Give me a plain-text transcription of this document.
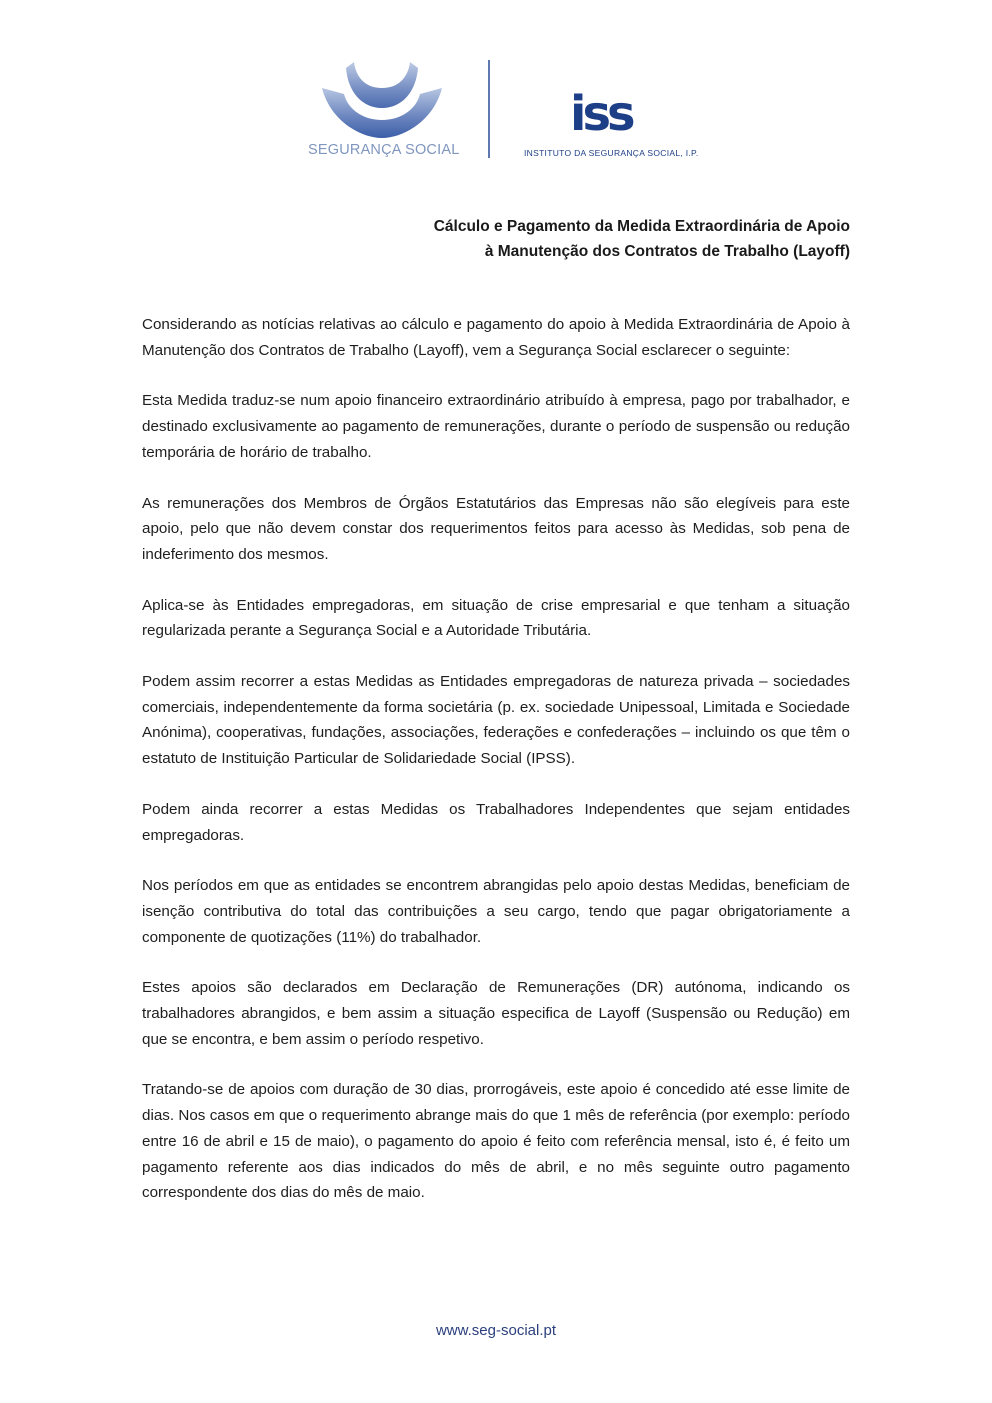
SEGURANÇA SOCIAL
iss
INSTITUTO DA SEGURANÇA SOCIAL, I.P.
Cálculo e Pagamento da Medida Extraordinária de Apoio
à Manutenção dos Contratos de Trabalho (Layoff)

Considerando as notícias relativas ao cálculo e pagamento do apoio à Medida Extraordinária de Apoio à Manutenção dos Contratos de Trabalho (Layoff), vem a Segurança Social esclarecer o seguinte:

Esta Medida traduz-se num apoio financeiro extraordinário atribuído à empresa, pago por trabalhador, e destinado exclusivamente ao pagamento de remunerações, durante o período de suspensão ou redução temporária de horário de trabalho.

As remunerações dos Membros de Órgãos Estatutários das Empresas não são elegíveis para este apoio, pelo que não devem constar dos requerimentos feitos para acesso às Medidas, sob pena de indeferimento dos mesmos.

Aplica-se às Entidades empregadoras, em situação de crise empresarial e que tenham a situação regularizada perante a Segurança Social e a Autoridade Tributária.

Podem assim recorrer a estas Medidas as Entidades empregadoras de natureza privada – sociedades comerciais, independentemente da forma societária (p. ex. sociedade Unipessoal, Limitada e Sociedade Anónima), cooperativas, fundações, associações, federações e confederações – incluindo os que têm o estatuto de Instituição Particular de Solidariedade Social (IPSS).

Podem ainda recorrer a estas Medidas os Trabalhadores Independentes que sejam entidades empregadoras.

Nos períodos em que as entidades se encontrem abrangidas pelo apoio destas Medidas, beneficiam de isenção contributiva do total das contribuições a seu cargo, tendo que pagar obrigatoriamente a componente de quotizações (11%) do trabalhador.

Estes apoios são declarados em Declaração de Remunerações (DR) autónoma, indicando os trabalhadores abrangidos, e bem assim a situação especifica de Layoff (Suspensão ou Redução) em que se encontra, e bem assim o período respetivo.

Tratando-se de apoios com duração de 30 dias, prorrogáveis, este apoio é concedido até esse limite de dias. Nos casos em que o requerimento abrange mais do que 1 mês de referência (por exemplo: período entre 16 de abril e 15 de maio), o pagamento do apoio é feito com referência mensal, isto é, é feito um pagamento referente aos dias indicados do mês de abril, e no mês seguinte outro pagamento correspondente dos dias do mês de maio.

www.seg-social.pt
